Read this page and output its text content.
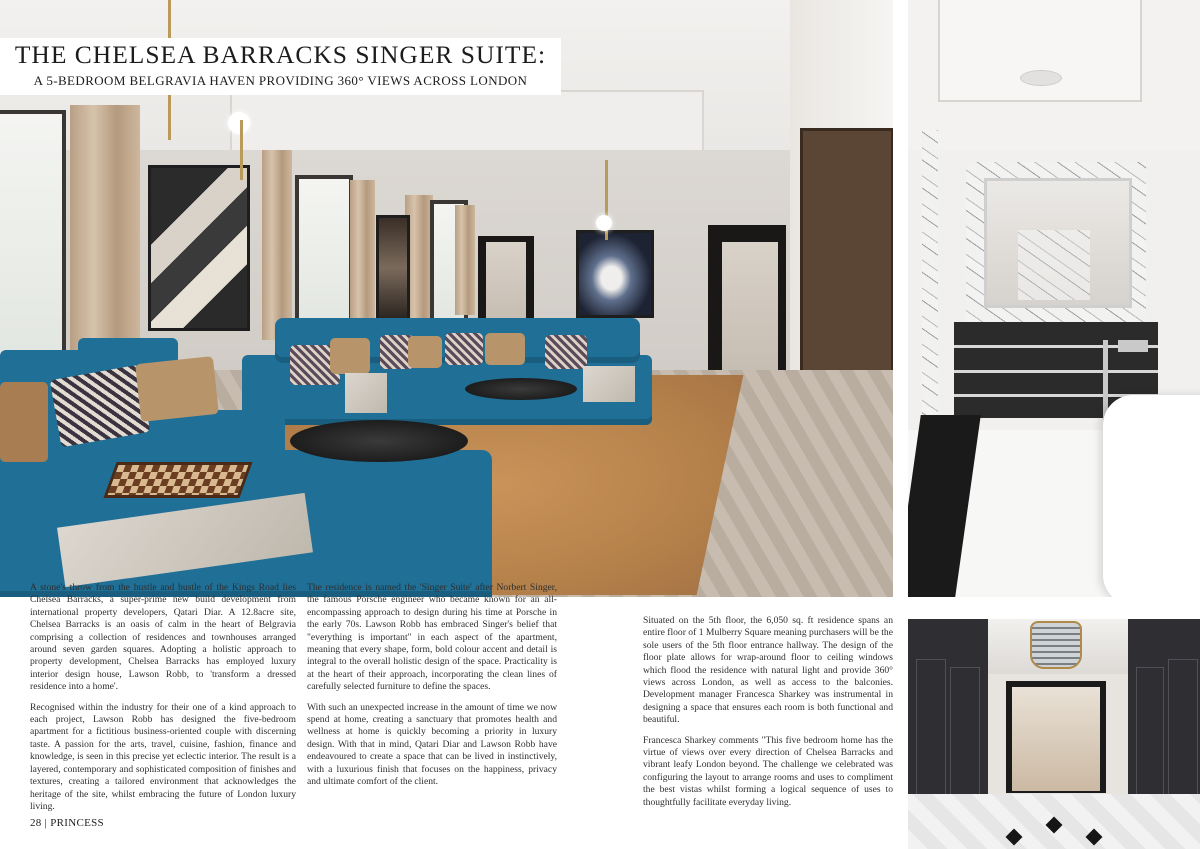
THE CHELSEA BARRACKS SINGER SUITE:
A 5-BEDROOM BELGRAVIA HAVEN PROVIDING 360° VIEWS ACROSS LONDON

A stone's throw from the hustle and bustle of the Kings Road lies Chelsea Barracks, a super-prime new build development from international property developers, Qatari Diar. A 12.8acre site, Chelsea Barracks is an oasis of calm in the heart of Belgravia comprising a collection of residences and townhouses arranged around seven garden squares. Adopting a holistic approach to property development, Chelsea Barracks has employed luxury interior design house, Lawson Robb, to 'transform a dressed residence into a home'.

Recognised within the industry for their one of a kind approach to each project, Lawson Robb has designed the five-bedroom apartment for a fictitious business-oriented couple with discerning taste. A passion for the arts, travel, cuisine, fashion, finance and knowledge, is seen in this precise yet eclectic interior. The result is a layered, contemporary and sophisticated composition of finishes and textures, creating a tailored environment that acknowledges the heritage of the site, whilst embracing the future of London luxury living.

The residence is named the 'Singer Suite' after Norbert Singer, the famous Porsche engineer who became known for an all-encompassing approach to design during his time at Porsche in the early 70s. Lawson Robb has embraced Singer's belief that "everything is important" in each aspect of the apartment, meaning that every shape, form, bold colour accent and detail is integral to the overall holistic design of the space. Practicality is at the heart of their approach, incorporating the clean lines of carefully selected furniture to define the spaces.

With such an unexpected increase in the amount of time we now spend at home, creating a sanctuary that promotes health and wellness at home is quickly becoming a priority in luxury design. With that in mind, Qatari Diar and Lawson Robb have endeavoured to create a space that can be lived in instinctively, with a luxurious finish that focuses on the happiness, privacy and ultimate comfort of the client.

Situated on the 5th floor, the 6,050 sq. ft residence spans an entire floor of 1 Mulberry Square meaning purchasers will be the sole users of the 5th floor entrance hallway. The design of the floor plate allows for wrap-around floor to ceiling windows which flood the residence with natural light and provide 360° views across London, as well as access to the balconies. Development manager Francesca Sharkey was instrumental in designing a space that ensures each room is both functional and beautiful.

Francesca Sharkey comments "This five bedroom home has the virtue of views over every direction of Chelsea Barracks and vibrant leafy London beyond. The challenge we celebrated was configuring the layout to arrange rooms and uses to compliment the best vistas whilst forming a logical sequence of uses to thoughtfully facilitate everyday living.

28 | PRINCESS
